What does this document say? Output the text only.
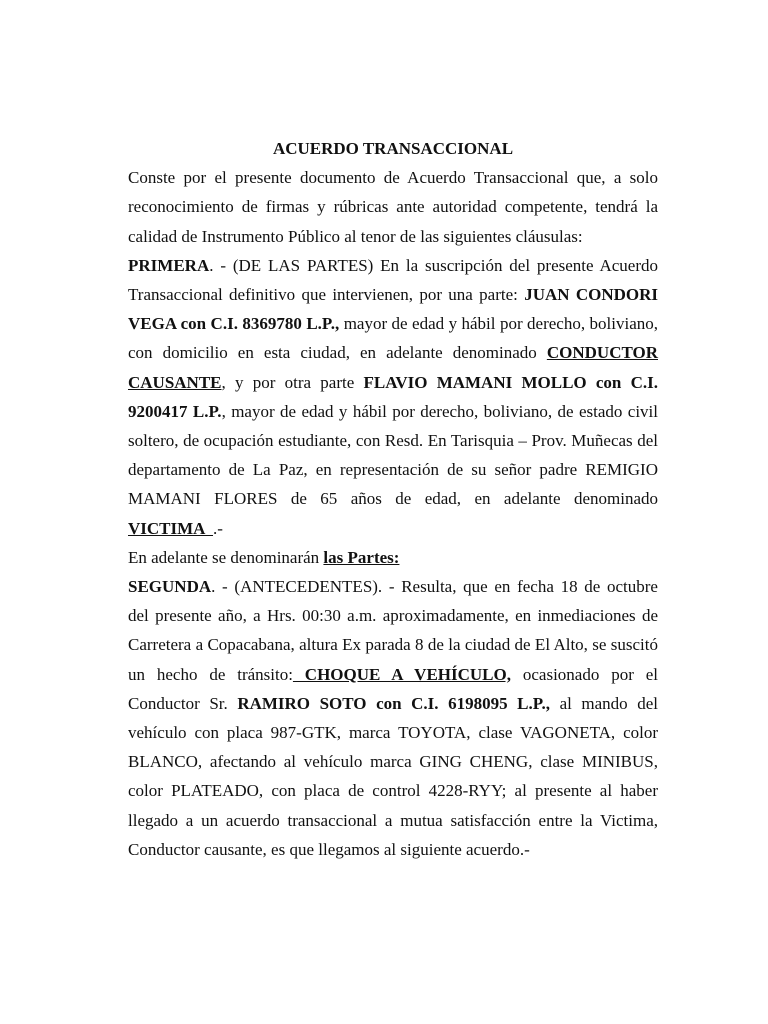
ACUERDO TRANSACCIONAL

Conste por el presente documento de Acuerdo Transaccional que, a solo reconocimiento de firmas y rúbricas ante autoridad competente, tendrá la calidad de Instrumento Público al tenor de las siguientes cláusulas:

PRIMERA. - (DE LAS PARTES) En la suscripción del presente Acuerdo Transaccional definitivo que intervienen, por una parte: JUAN CONDORI VEGA con C.I. 8369780 L.P., mayor de edad y hábil por derecho, boliviano, con domicilio en esta ciudad, en adelante denominado CONDUCTOR CAUSANTE, y por otra parte FLAVIO MAMANI MOLLO con C.I. 9200417 L.P., mayor de edad y hábil por derecho, boliviano, de estado civil soltero, de ocupación estudiante, con Resd. En Tarisquia – Prov. Muñecas del departamento de La Paz, en representación de su señor padre REMIGIO MAMANI FLORES de 65 años de edad, en adelante denominado VICTIMA  .-

En adelante se denominarán las Partes:

SEGUNDA. - (ANTECEDENTES). - Resulta, que en fecha 18 de octubre del presente año, a Hrs. 00:30 a.m. aproximadamente, en inmediaciones de Carretera a Copacabana, altura Ex parada 8 de la ciudad de El Alto, se suscitó un hecho de tránsito: CHOQUE A VEHÍCULO, ocasionado por el Conductor Sr. RAMIRO SOTO con C.I. 6198095 L.P., al mando del vehículo con placa 987-GTK, marca TOYOTA, clase VAGONETA, color BLANCO, afectando al vehículo marca GING CHENG, clase MINIBUS, color PLATEADO, con placa de control 4228-RYY; al presente al haber llegado a un acuerdo transaccional a mutua satisfacción entre la Victima, Conductor causante, es que llegamos al siguiente acuerdo.-
